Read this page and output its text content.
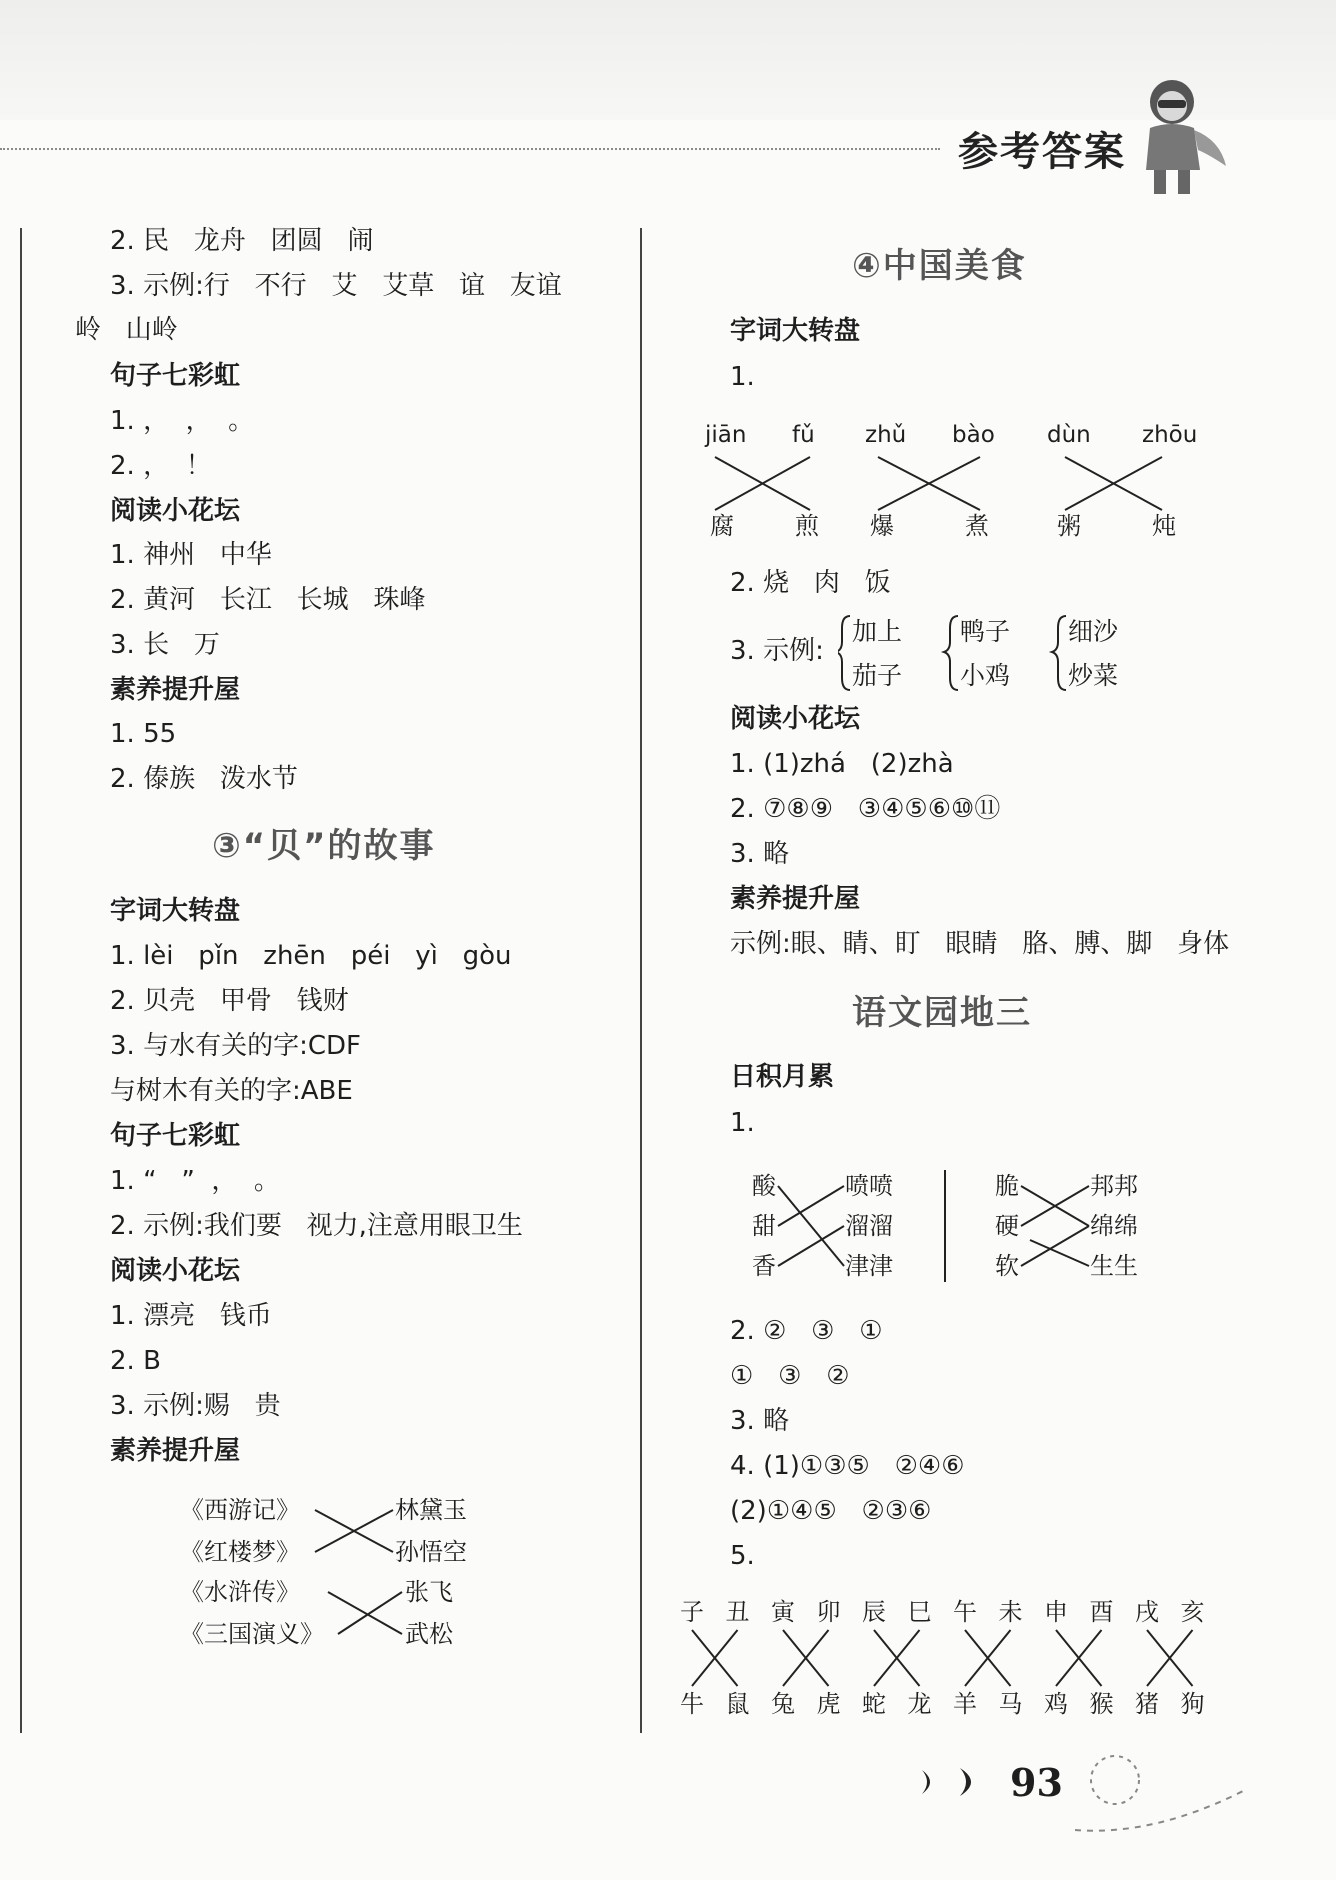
参考答案
2. 民   龙舟   团圆   闹
3. 示例:行   不行   艾   艾草   谊   友谊
岭   山岭
句子七彩虹
1. ，  ，  。
2. ，  ！
阅读小花坛
1. 神州   中华
2. 黄河   长江   长城   珠峰
3. 长   万
素养提升屋
1. 55
2. 傣族   泼水节
③“贝”的故事
字词大转盘
1. lèi   pǐn   zhēn   péi   yì   gòu
2. 贝壳   甲骨   钱财
3. 与水有关的字:CDF
与树木有关的字:ABE
句子七彩虹
1. “   ”  ，  。
2. 示例:我们要   视力,注意用眼卫生
阅读小花坛
1. 漂亮   钱币
2. B
3. 示例:赐   贵
素养提升屋
《西游记》
《红楼梦》
《水浒传》
《三国演义》
林黛玉
孙悟空
张飞
武松
④中国美食
字词大转盘
1.
jiān fǔ zhǔ bào dùn zhōu
腐	煎 爆	煮	粥	炖
2. 烧   肉   饭
3. 示例:
加上
茄子
鸭子
小鸡
细沙
炒菜
阅读小花坛
1. (1)zhá   (2)zhà
2. ⑦⑧⑨   ③④⑤⑥⑩⑪
3. 略
素养提升屋
示例:眼、睛、盯   眼睛   胳、膊、脚   身体
语文园地三
日积月累
1.
酸
甜
香
喷喷
溜溜
津津
脆
硬
软
邦邦
绵绵
生生
2. ②   ③   ①
①   ③   ②
3. 略
4. (1)①③⑤   ②④⑥
(2)①④⑤   ②③⑥
5.
子 丑 寅 卯 辰 巳 午 未 申 酉 戌 亥
牛 鼠 兔 虎 蛇 龙 羊 马 鸡 猴 猪 狗
93
